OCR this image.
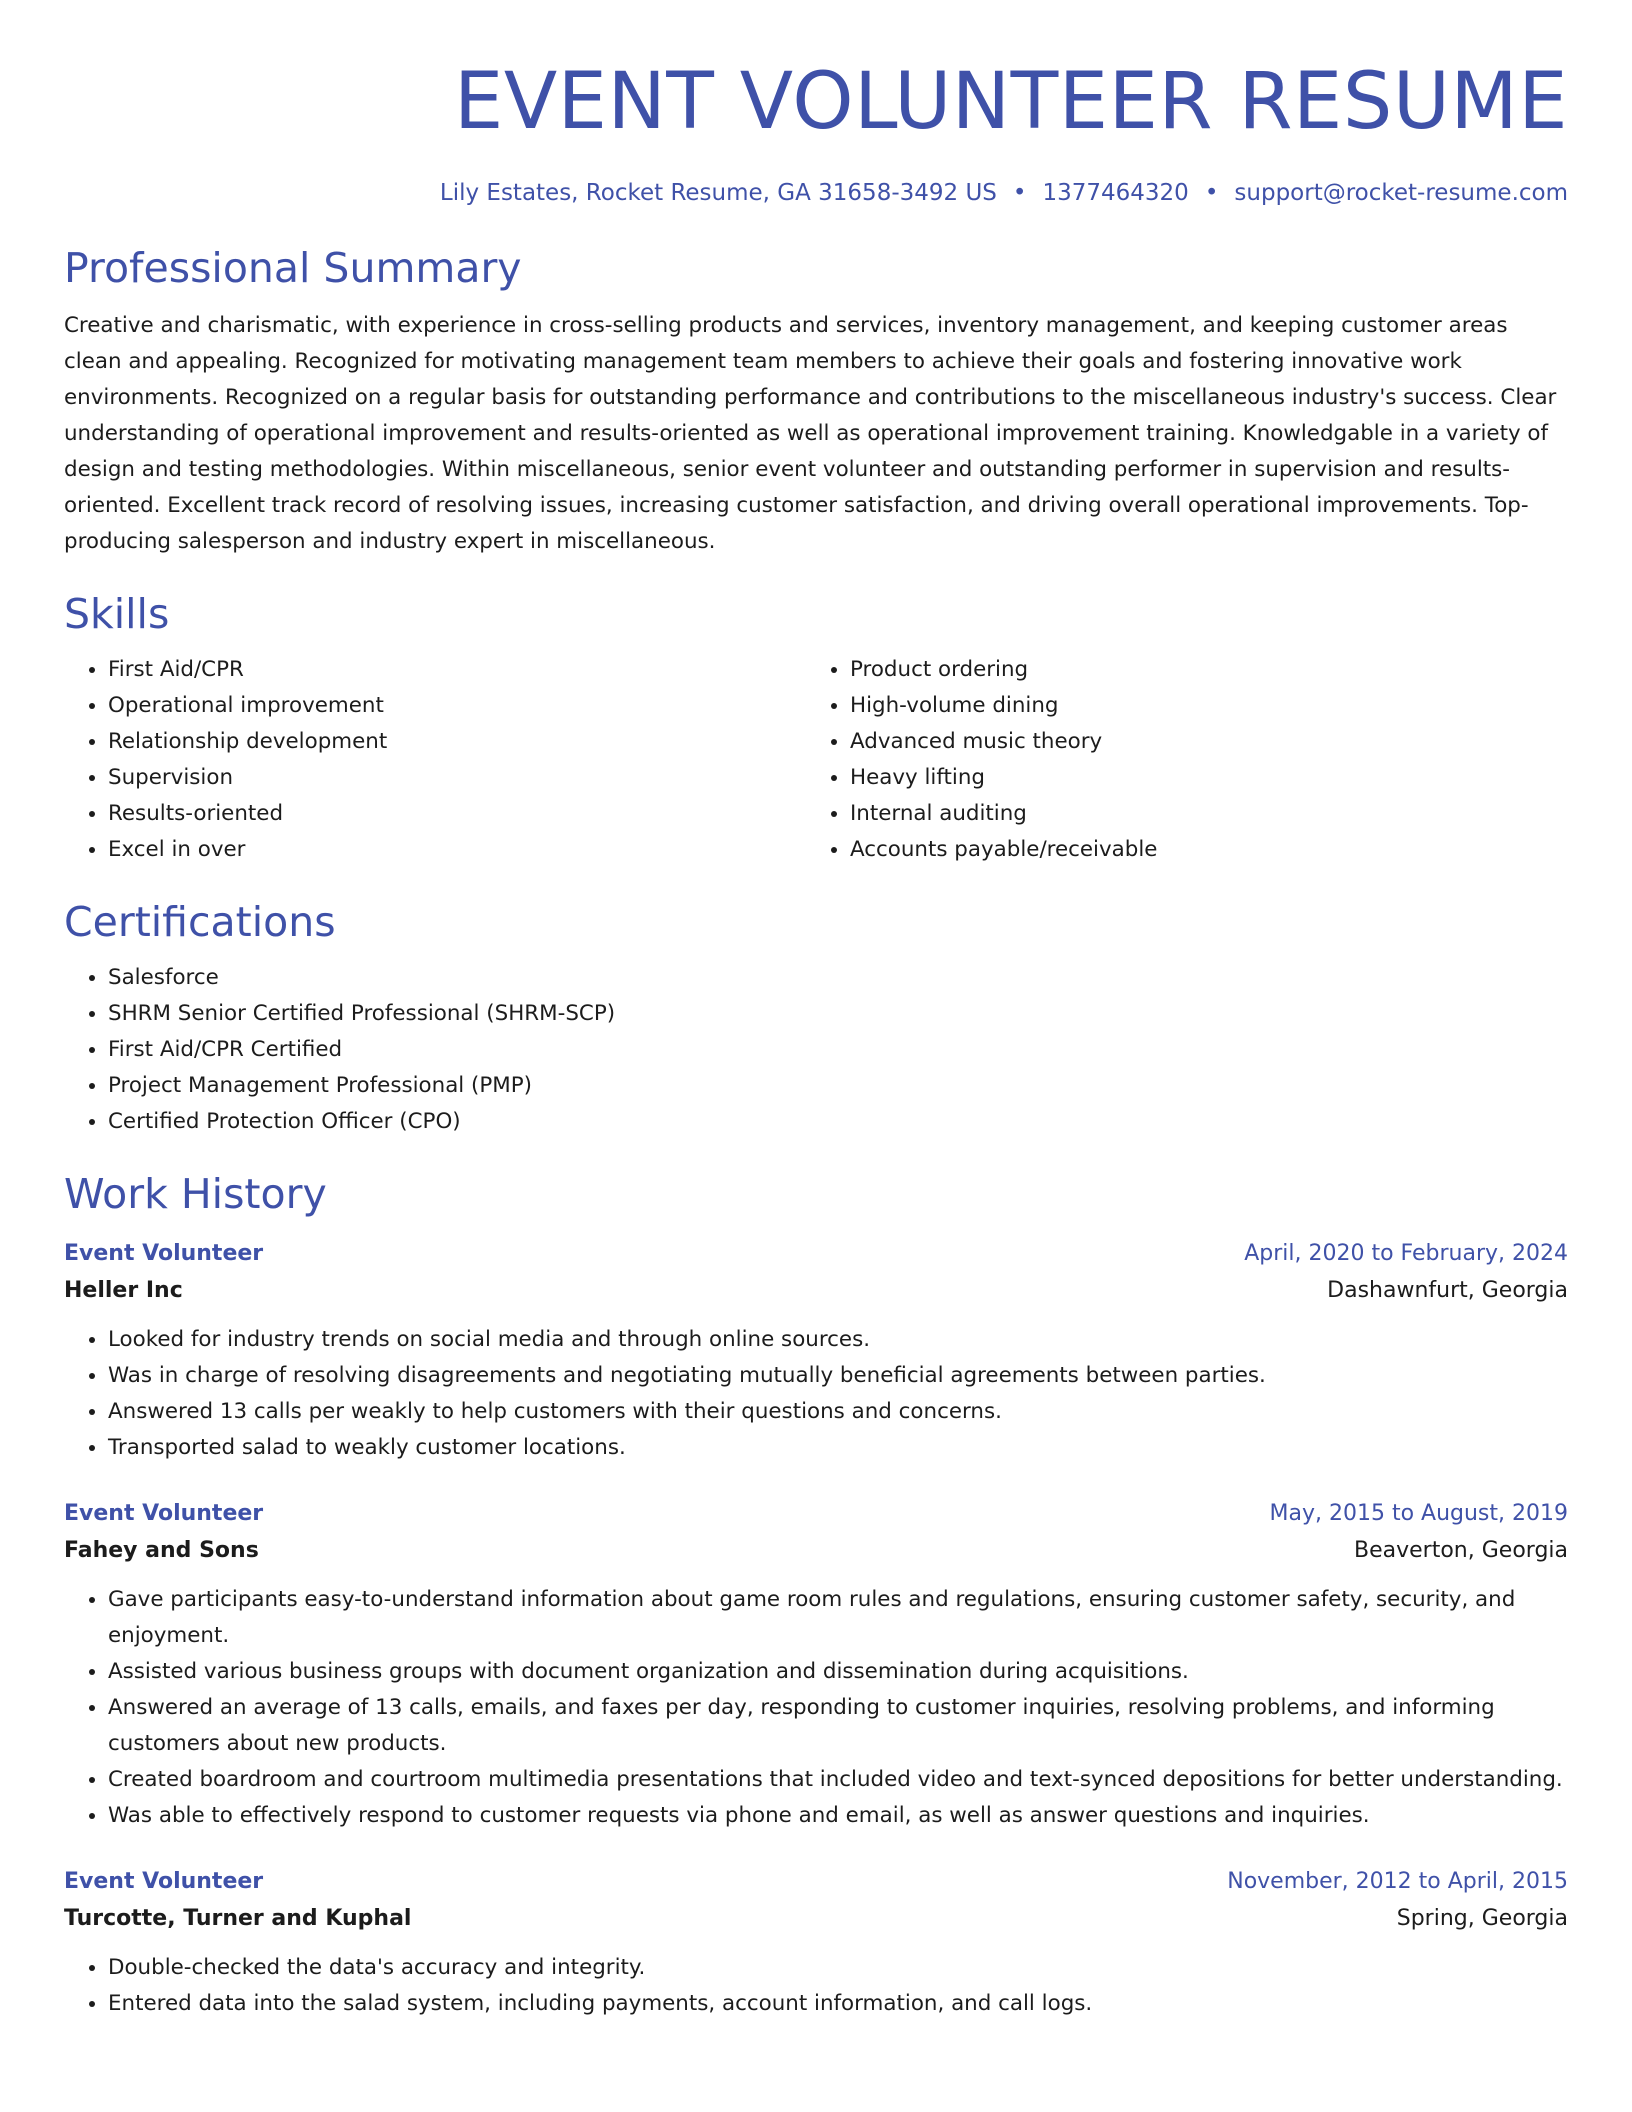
EVENT VOLUNTEER RESUME
Lily Estates, Rocket Resume, GA 31658-3492 US • 1377464320 • support@rocket-resume.com
Professional Summary

Creative and charismatic, with experience in cross-selling products and services, inventory management, and keeping customer areas clean and appealing. Recognized for motivating management team members to achieve their goals and fostering innovative work environments. Recognized on a regular basis for outstanding performance and contributions to the miscellaneous industry's success. Clear understanding of operational improvement and results-oriented as well as operational improvement training. Knowledgable in a variety of design and testing methodologies. Within miscellaneous, senior event volunteer and outstanding performer in supervision and results-oriented. Excellent track record of resolving issues, increasing customer satisfaction, and driving overall operational improvements. Top-producing salesperson and industry expert in miscellaneous.

Skills
• First Aid/CPR
• Operational improvement
• Relationship development
• Supervision
• Results-oriented
• Excel in over
• Product ordering
• High-volume dining
• Advanced music theory
• Heavy lifting
• Internal auditing
• Accounts payable/receivable
Certifications
• Salesforce
• SHRM Senior Certified Professional (SHRM-SCP)
• First Aid/CPR Certified
• Project Management Professional (PMP)
• Certified Protection Officer (CPO)
Work History
Event Volunteer	April, 2020 to February, 2024
Heller Inc	Dashawnfurt, Georgia
• Looked for industry trends on social media and through online sources.
• Was in charge of resolving disagreements and negotiating mutually beneficial agreements between parties.
• Answered 13 calls per weakly to help customers with their questions and concerns.
• Transported salad to weakly customer locations.
Event Volunteer	May, 2015 to August, 2019
Fahey and Sons	Beaverton, Georgia
• Gave participants easy-to-understand information about game room rules and regulations, ensuring customer safety, security, and enjoyment.
• Assisted various business groups with document organization and dissemination during acquisitions.
• Answered an average of 13 calls, emails, and faxes per day, responding to customer inquiries, resolving problems, and informing customers about new products.
• Created boardroom and courtroom multimedia presentations that included video and text-synced depositions for better understanding.
• Was able to effectively respond to customer requests via phone and email, as well as answer questions and inquiries.
Event Volunteer	November, 2012 to April, 2015
Turcotte, Turner and Kuphal	Spring, Georgia
• Double-checked the data's accuracy and integrity.
• Entered data into the salad system, including payments, account information, and call logs.
